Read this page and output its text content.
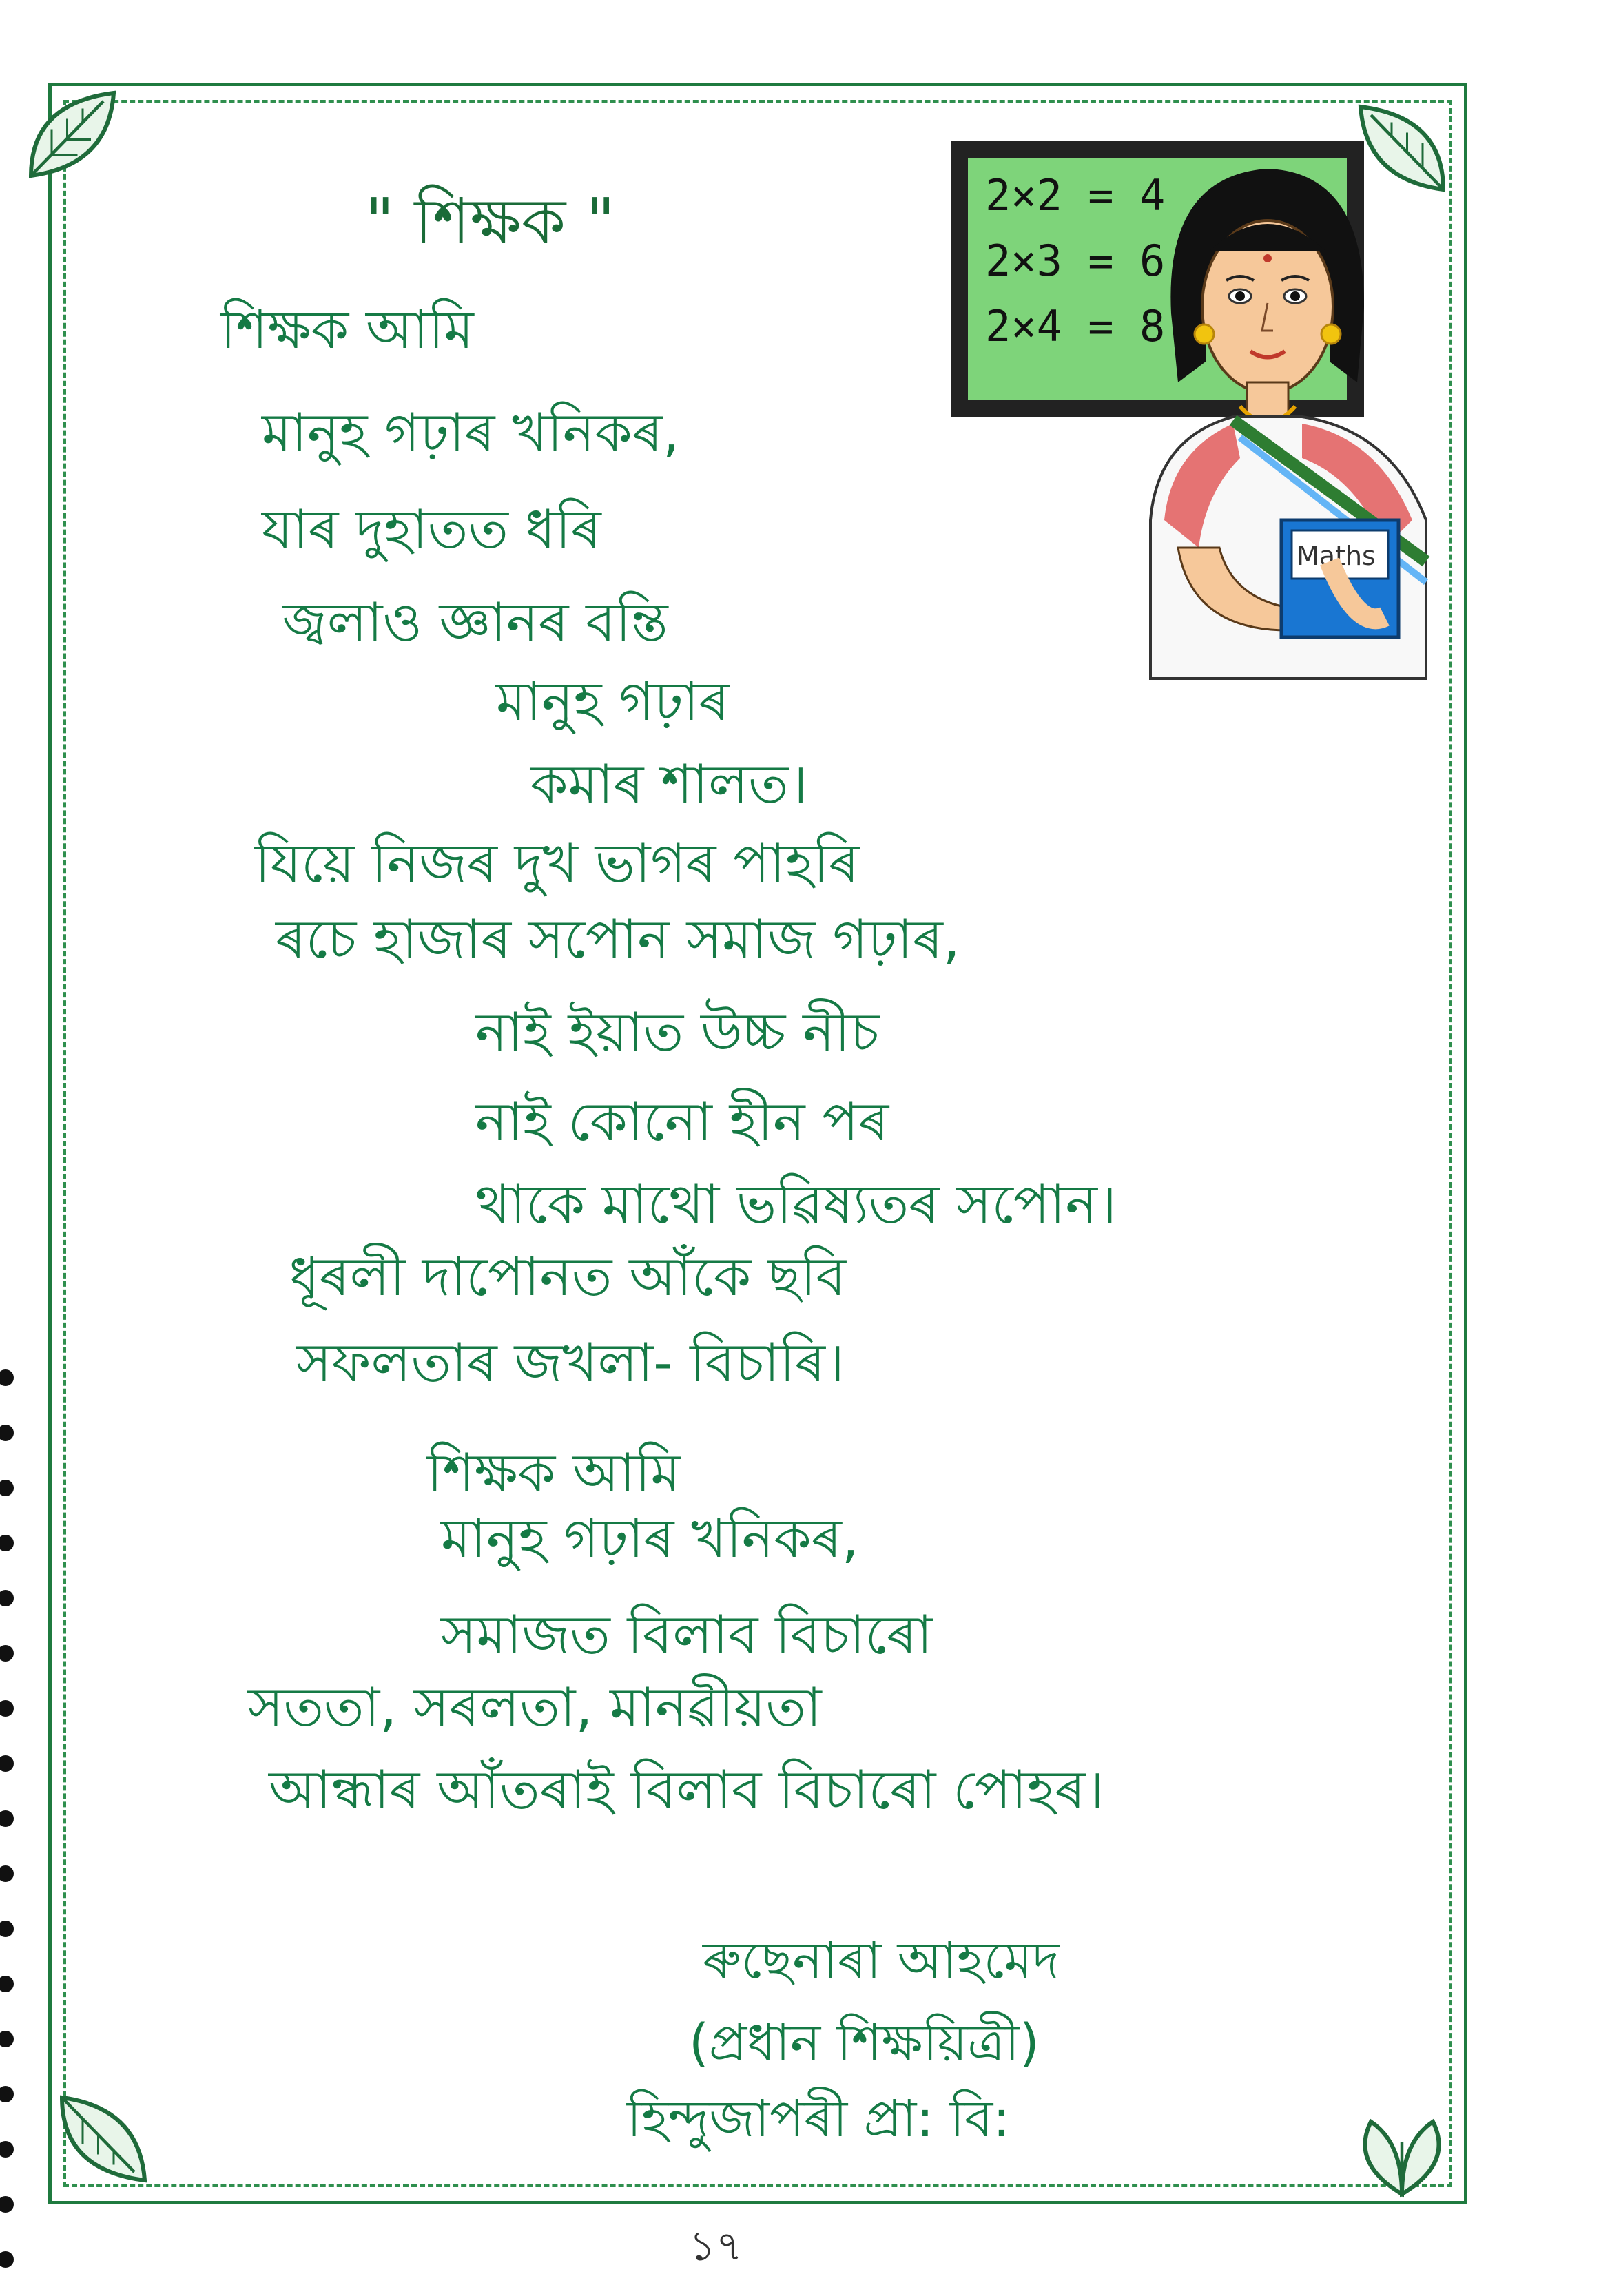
" শিক্ষক "	2×2 = 4
2×3 = 6
2×4 = 8
Maths
শিক্ষক আমি
মানুহ গঢ়াৰ খনিকৰ,
যাৰ দুহাতত ধৰি
জ্বলাও জ্ঞানৰ বন্তি
মানুহ গঢ়াৰ
কমাৰ শালত।
যিয়ে নিজৰ দুখ ভাগৰ পাহৰি
ৰচে হাজাৰ সপোন সমাজ গঢ়াৰ,
নাই ইয়াত উচ্চ নীচ
নাই কোনো হীন পৰ
থাকে মাথো ভৱিষ্যতৰ সপোন।
ধূৰলী দাপোনত আঁকে ছবি
সফলতাৰ জখলা- বিচাৰি।
শিক্ষক আমি
মানুহ গঢ়াৰ খনিকৰ,
সমাজত বিলাব বিচাৰো
সততা, সৰলতা, মানৱীয়তা
আন্ধাৰ আঁতৰাই বিলাব বিচাৰো পোহৰ।
ৰুছেনাৰা আহমেদ
(প্ৰধান শিক্ষয়িত্ৰী)
হিন্দুজাপৰী প্ৰা: বি:
১৭
